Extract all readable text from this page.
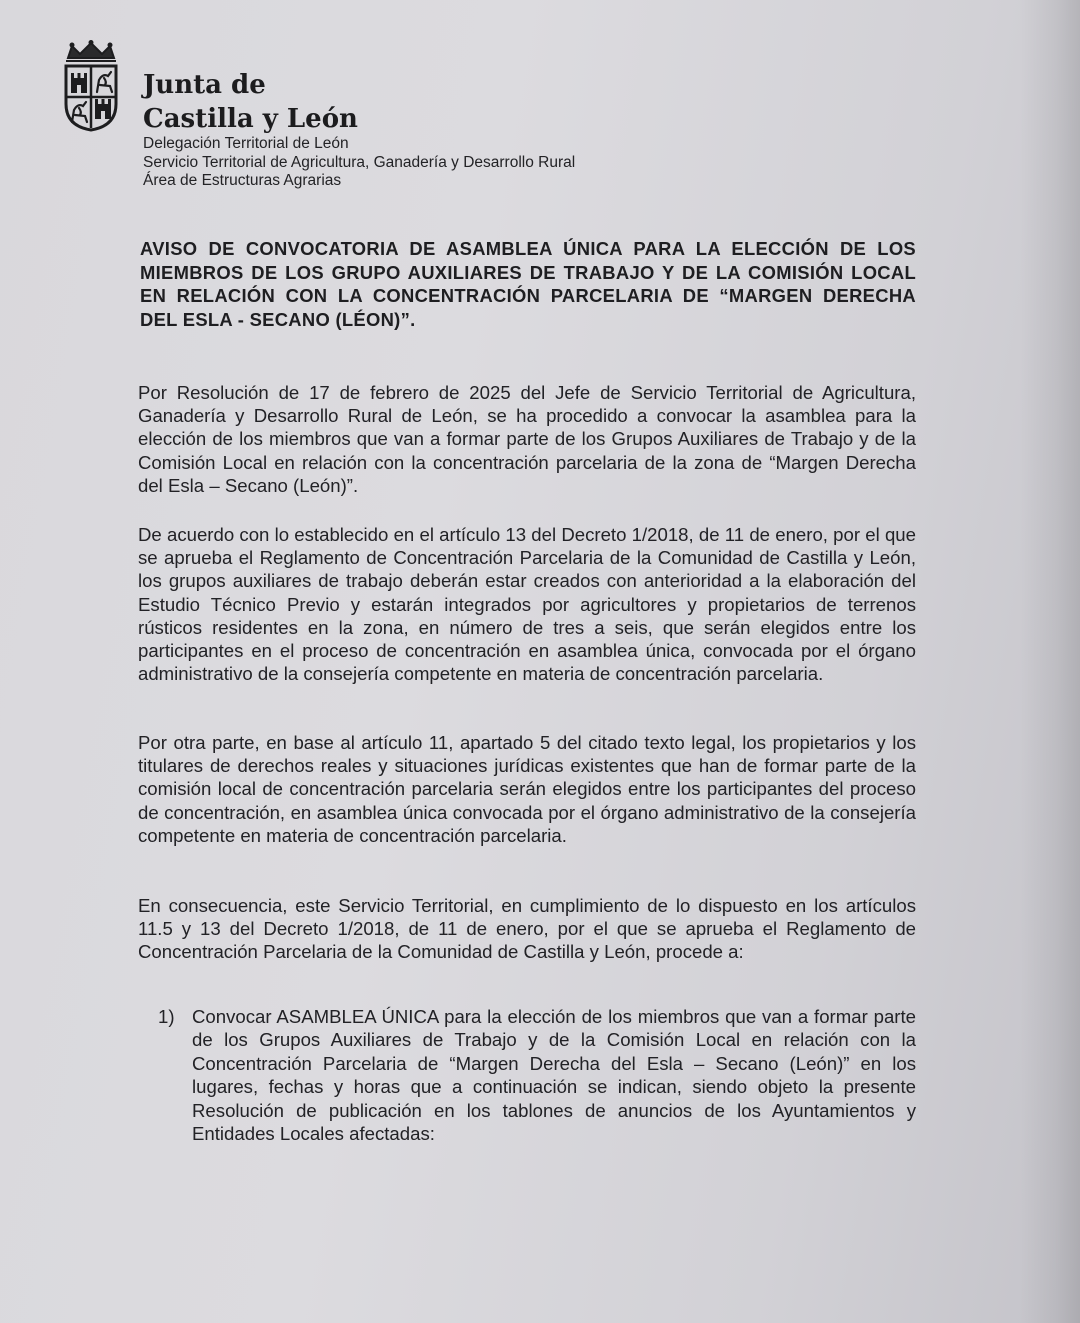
Junta de
Castilla y León
Delegación Territorial de León
Servicio Territorial de Agricultura, Ganadería y Desarrollo Rural
Área de Estructuras Agrarias
AVISO DE CONVOCATORIA DE ASAMBLEA ÚNICA PARA LA ELECCIÓN DE LOS MIEMBROS DE LOS GRUPO AUXILIARES DE TRABAJO Y DE LA COMISIÓN LOCAL EN RELACIÓN CON LA CONCENTRACIÓN PARCELARIA DE “MARGEN DERECHA DEL ESLA - SECANO (LÉON)”.
Por Resolución de 17 de febrero de 2025 del Jefe de Servicio Territorial de Agricultura, Ganadería y Desarrollo Rural de León, se ha procedido a convocar la asamblea para la elección de los miembros que van a formar parte de los Grupos Auxiliares de Trabajo y de la Comisión Local en relación con la concentración parcelaria de la zona de “Margen Derecha del Esla – Secano (León)”.
De acuerdo con lo establecido en el artículo 13 del Decreto 1/2018, de 11 de enero, por el que se aprueba el Reglamento de Concentración Parcelaria de la Comunidad de Castilla y León, los grupos auxiliares de trabajo deberán estar creados con anterioridad a la elaboración del Estudio Técnico Previo y estarán integrados por agricultores y propietarios de terrenos rústicos residentes en la zona, en número de tres a seis, que serán elegidos entre los participantes en el proceso de concentración en asamblea única, convocada por el órgano administrativo de la consejería competente en materia de concentración parcelaria.
Por otra parte, en base al artículo 11, apartado 5 del citado texto legal, los propietarios y los titulares de derechos reales y situaciones jurídicas existentes que han de formar parte de la comisión local de concentración parcelaria serán elegidos entre los participantes del proceso de concentración, en asamblea única convocada por el órgano administrativo de la consejería competente en materia de concentración parcelaria.
En consecuencia, este Servicio Territorial, en cumplimiento de lo dispuesto en los artículos 11.5 y 13 del Decreto 1/2018, de 11 de enero, por el que se aprueba el Reglamento de Concentración Parcelaria de la Comunidad de Castilla y León, procede a:
1) Convocar ASAMBLEA ÚNICA para la elección de los miembros que van a formar parte de los Grupos Auxiliares de Trabajo y de la Comisión Local en relación con la Concentración Parcelaria de “Margen Derecha del Esla – Secano (León)” en los lugares, fechas y horas que a continuación se indican, siendo objeto la presente Resolución de publicación en los tablones de anuncios de los Ayuntamientos y Entidades Locales afectadas:
